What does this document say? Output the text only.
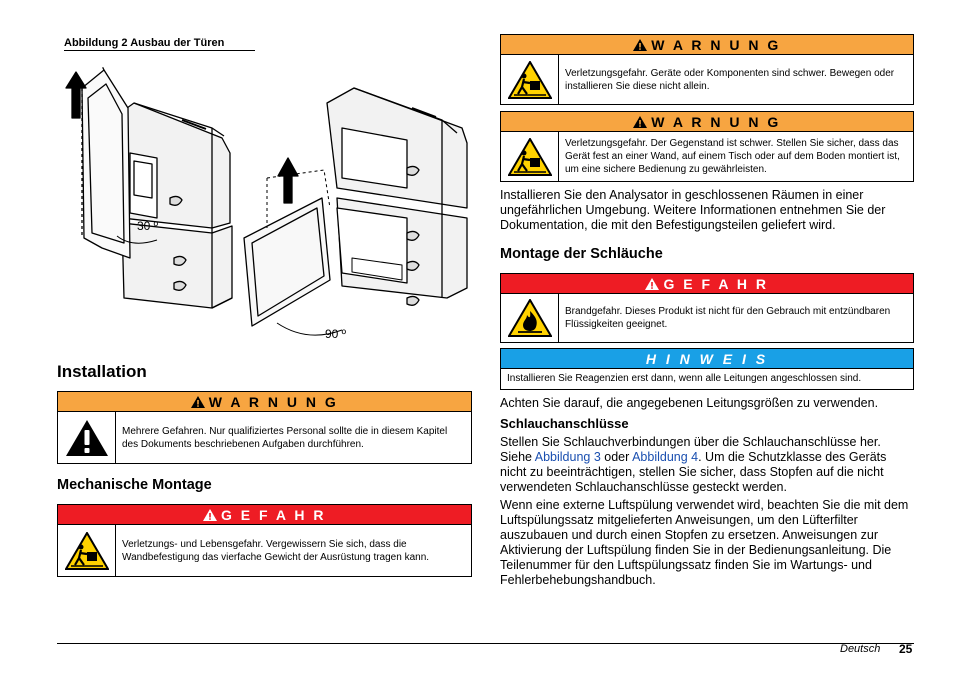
Abbildung 2 Ausbau der Türen
30 º
90 º
Installation
W A R N U N G
Mehrere Gefahren. Nur qualifiziertes Personal sollte die in diesem Kapitel des Dokuments beschriebenen Aufgaben durchführen.
Mechanische Montage
G E F A H R
Verletzungs- und Lebensgefahr. Vergewissern Sie sich, dass die Wandbefestigung das vierfache Gewicht der Ausrüstung tragen kann.
W A R N U N G
Verletzungsgefahr. Geräte oder Komponenten sind schwer. Bewegen oder installieren Sie diese nicht allein.
W A R N U N G
Verletzungsgefahr. Der Gegenstand ist schwer. Stellen Sie sicher, dass das Gerät fest an einer Wand, auf einem Tisch oder auf dem Boden montiert ist, um eine sichere Bedienung zu gewährleisten.
Installieren Sie den Analysator in geschlossenen Räumen in einer ungefährlichen Umgebung. Weitere Informationen entnehmen Sie der Dokumentation, die mit den Befestigungsteilen geliefert wird.
Montage der Schläuche
G E F A H R
Brandgefahr. Dieses Produkt ist nicht für den Gebrauch mit entzündbaren Flüssigkeiten geeignet.
H I N W E I S
Installieren Sie Reagenzien erst dann, wenn alle Leitungen angeschlossen sind.
Achten Sie darauf, die angegebenen Leitungsgrößen zu verwenden.
Schlauchanschlüsse
Stellen Sie Schlauchverbindungen über die Schlauchanschlüsse her. Siehe Abbildung 3 oder Abbildung 4. Um die Schutzklasse des Geräts nicht zu beeinträchtigen, stellen Sie sicher, dass Stopfen auf die nicht verwendeten Schlauchanschlüsse gesteckt werden.
Wenn eine externe Luftspülung verwendet wird, beachten Sie die mit dem Luftspülungssatz mitgelieferten Anweisungen, um den Lüfterfilter auszubauen und durch einen Stopfen zu ersetzen. Anweisungen zur Aktivierung der Luftspülung finden Sie in der Bedienungsanleitung. Die Teilenummer für den Luftspülungssatz finden Sie im Wartungs- und Fehlerbehebungshandbuch.
Deutsch 25
